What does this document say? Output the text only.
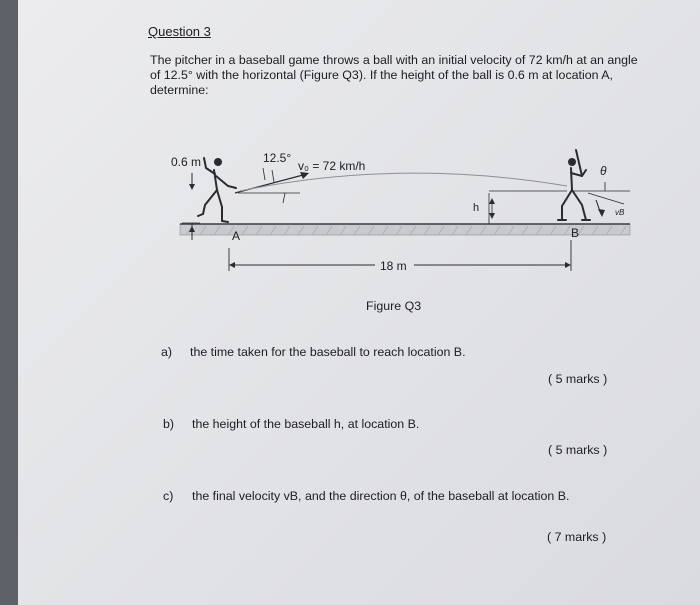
Question 3
The pitcher in a baseball game throws a ball with an initial velocity of 72 km/h at an angle of 12.5° with the horizontal (Figure Q3). If the height of the ball is 0.6 m at location A, determine:
0.6 m	12.5°
v₀ = 72 km/h
h
θ
vB
A	B
18 m
Figure Q3
a) the time taken for the baseball to reach location B.
( 5 marks )
b) the height of the baseball h, at location B.
( 5 marks )
c) the final velocity vB, and the direction θ, of the baseball at location B.
( 7 marks )
